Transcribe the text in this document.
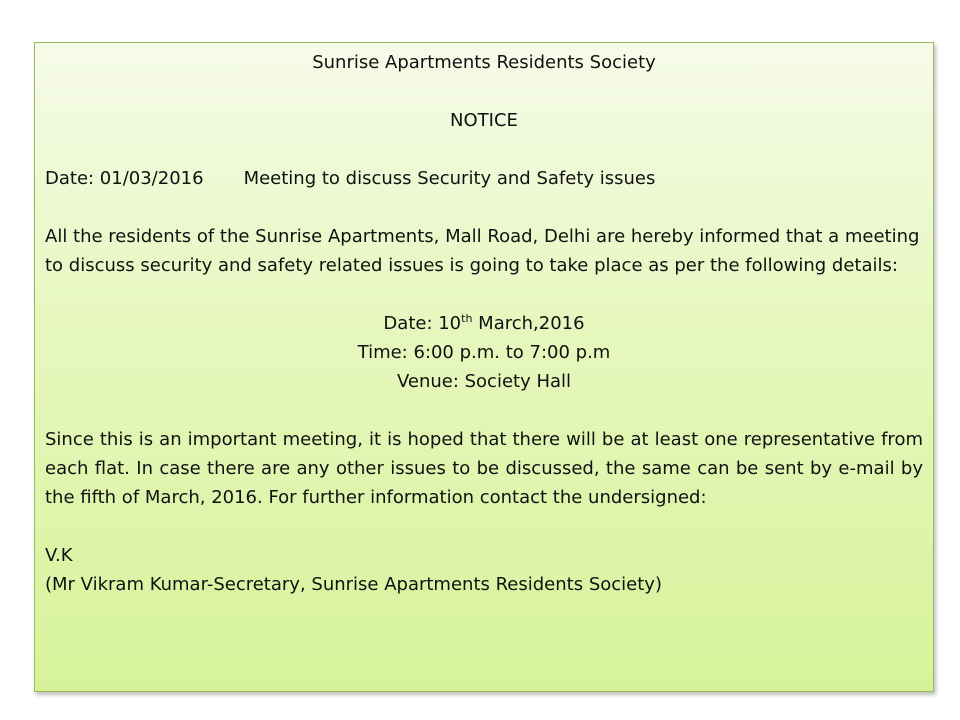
Sunrise Apartments Residents Society
NOTICE
Date: 01/03/2016 Meeting to discuss Security and Safety issues
All the residents of the Sunrise Apartments, Mall Road, Delhi are hereby informed that a meeting to discuss security and safety related issues is going to take place as per the following details:
Date: 10th March,2016
Time: 6:00 p.m. to 7:00 p.m
Venue: Society Hall
Since this is an important meeting, it is hoped that there will be at least one representative from each flat. In case there are any other issues to be discussed, the same can be sent by e-mail by the fifth of March, 2016. For further information contact the undersigned:
V.K
(Mr Vikram Kumar-Secretary, Sunrise Apartments Residents Society)
